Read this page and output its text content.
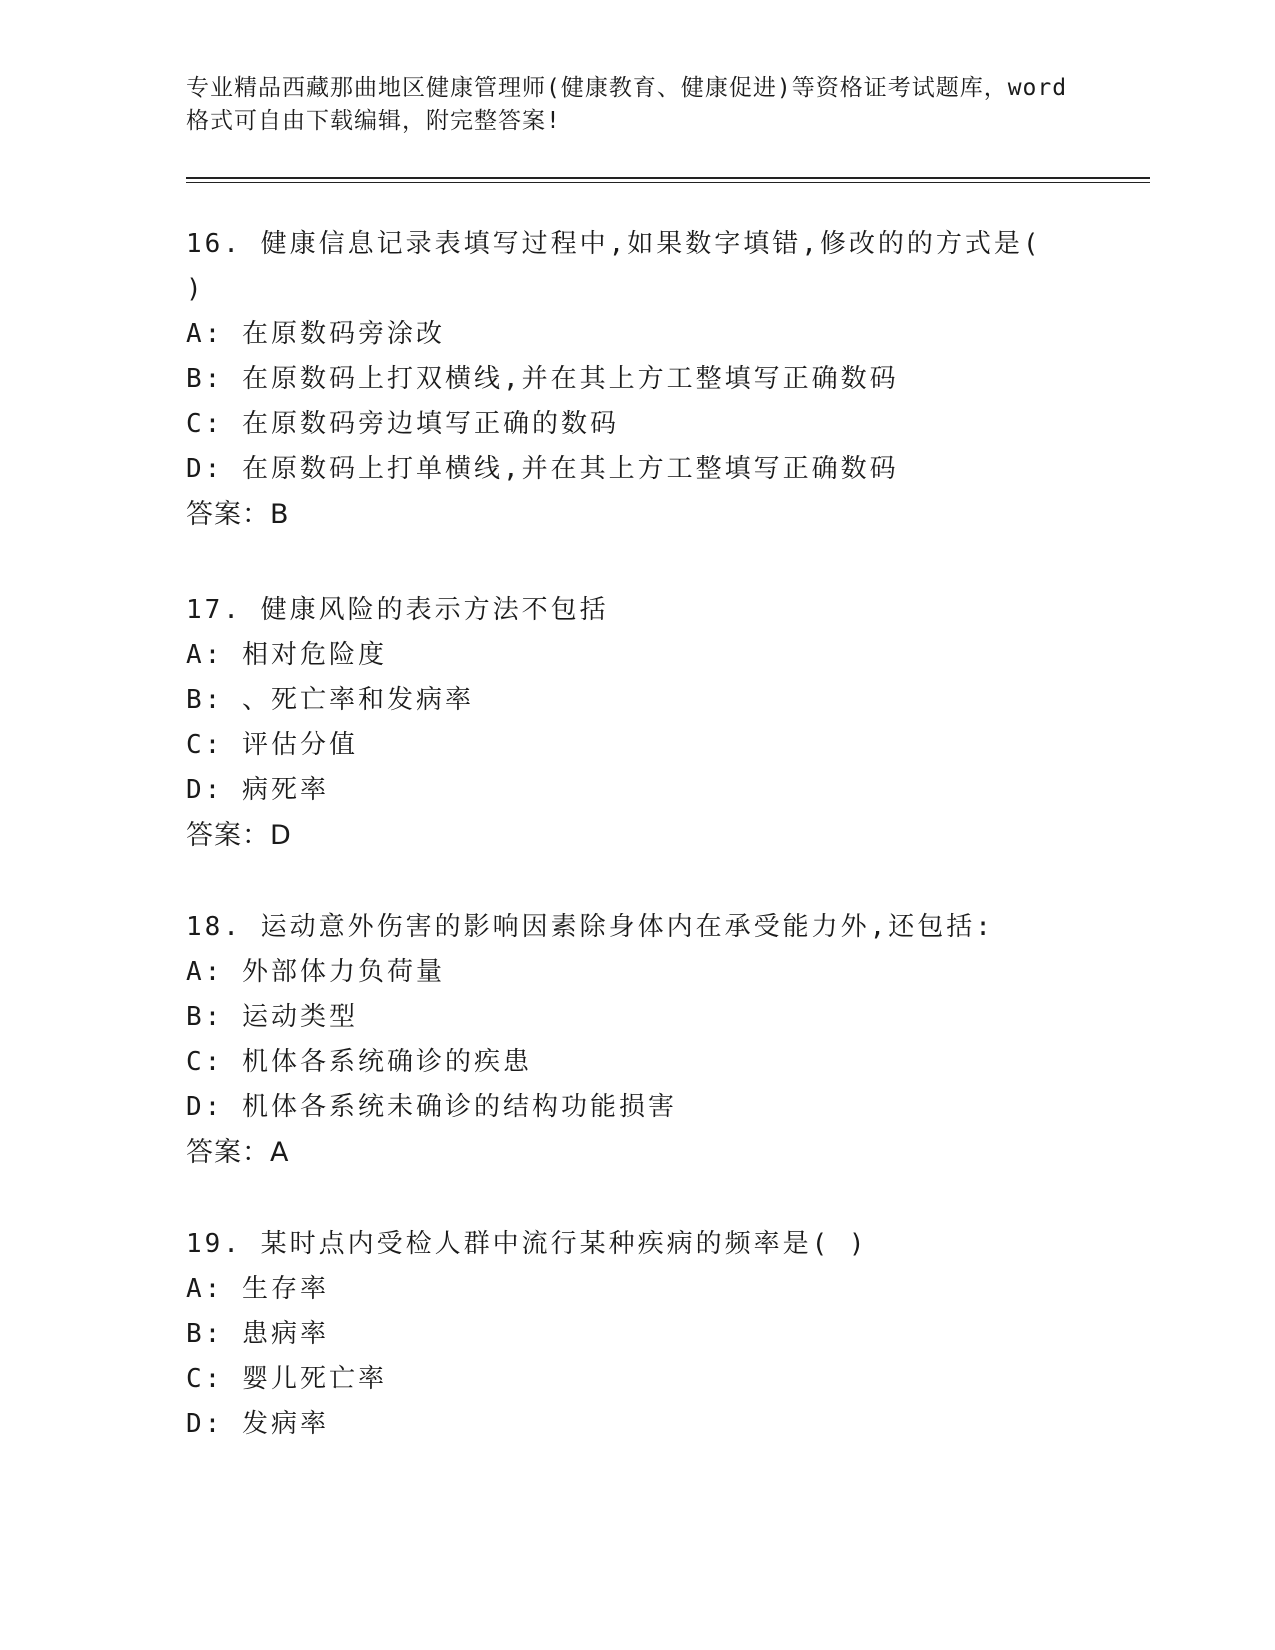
专业精品西藏那曲地区健康管理师(健康教育、健康促进)等资格证考试题库，word
格式可自由下载编辑，附完整答案!
16. 健康信息记录表填写过程中,如果数字填错,修改的的方式是(
)
A: 在原数码旁涂改
B: 在原数码上打双横线,并在其上方工整填写正确数码
C: 在原数码旁边填写正确的数码
D: 在原数码上打单横线,并在其上方工整填写正确数码
答案：B
17. 健康风险的表示方法不包括
A: 相对危险度
B: 、死亡率和发病率
C: 评估分值
D: 病死率
答案：D
18. 运动意外伤害的影响因素除身体内在承受能力外,还包括:
A: 外部体力负荷量
B: 运动类型
C: 机体各系统确诊的疾患
D: 机体各系统未确诊的结构功能损害
答案：A
19. 某时点内受检人群中流行某种疾病的频率是( )
A: 生存率
B: 患病率
C: 婴儿死亡率
D: 发病率
